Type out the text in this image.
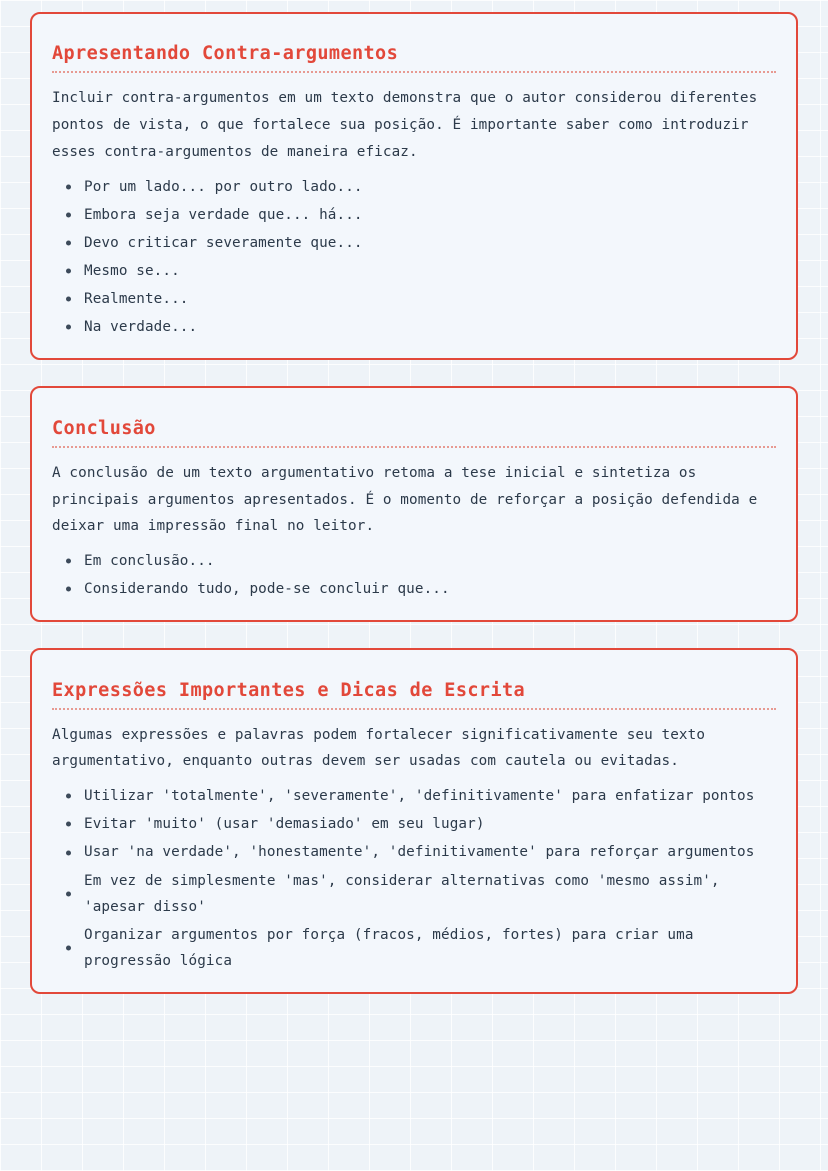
Apresentando Contra-argumentos

Incluir contra-argumentos em um texto demonstra que o autor considerou diferentes pontos de vista, o que fortalece sua posição. É importante saber como introduzir esses contra-argumentos de maneira eficaz.

Por um lado... por outro lado...
Embora seja verdade que... há...
Devo criticar severamente que...
Mesmo se...
Realmente...
Na verdade...
Conclusão

A conclusão de um texto argumentativo retoma a tese inicial e sintetiza os principais argumentos apresentados. É o momento de reforçar a posição defendida e deixar uma impressão final no leitor.

Em conclusão...
Considerando tudo, pode-se concluir que...
Expressões Importantes e Dicas de Escrita

Algumas expressões e palavras podem fortalecer significativamente seu texto argumentativo, enquanto outras devem ser usadas com cautela ou evitadas.

Utilizar 'totalmente', 'severamente', 'definitivamente' para enfatizar pontos
Evitar 'muito' (usar 'demasiado' em seu lugar)
Usar 'na verdade', 'honestamente', 'definitivamente' para reforçar argumentos
Em vez de simplesmente 'mas', considerar alternativas como 'mesmo assim', 'apesar disso'
Organizar argumentos por força (fracos, médios, fortes) para criar uma progressão lógica
